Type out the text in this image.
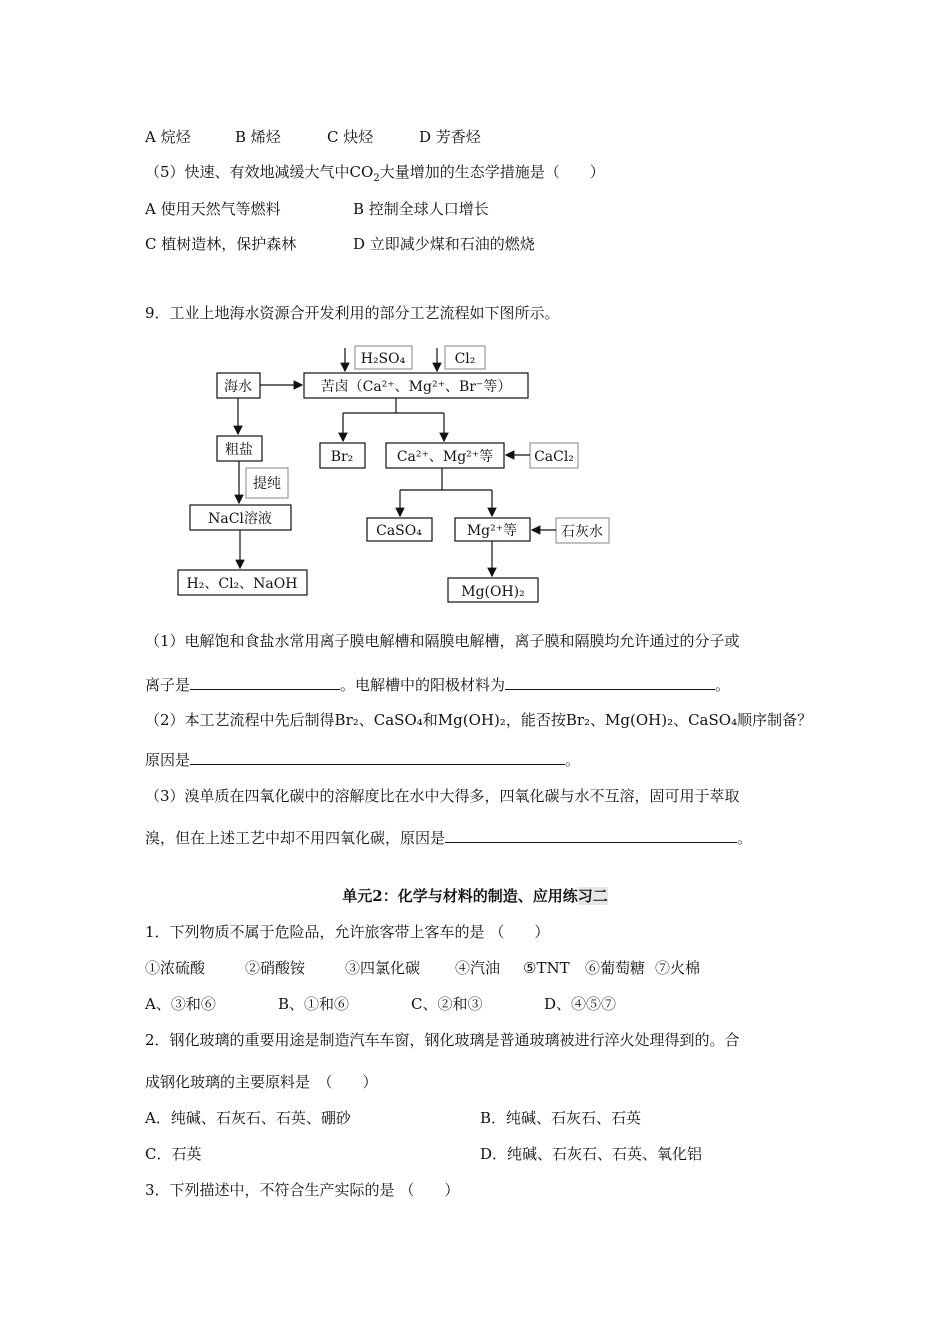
A 烷烃	B 烯烃	C 炔烃	D 芳香烃
（5）快速、有效地减缓大气中$CO_2$大量增加的生态学措施是（　　）
A 使用天然气等燃料	B 控制全球人口增长
C 植树造林，保护森林	D 立即减少煤和石油的燃烧
9．工业上地海水资源合开发利用的部分工艺流程如下图所示。
海水	苦卤（Ca²⁺、Mg²⁺、Br⁻等）
H₂SO₄	Cl₂
粗盐
提纯
Br₂	Ca²⁺、Mg²⁺等	CaCl₂
NaCl溶液
CaSO₄	Mg²⁺等	石灰水
H₂、Cl₂、NaOH	Mg(OH)₂
（1）电解饱和食盐水常用离子膜电解槽和隔膜电解槽，离子膜和隔膜均允许通过的分子或
离子是	。电解槽中的阳极材料为	。
（2）本工艺流程中先后制得Br₂、CaSO₄和Mg(OH)₂，能否按Br₂、Mg(OH)₂、CaSO₄顺序制备？
原因是	。
（3）溴单质在四氧化碳中的溶解度比在水中大得多，四氧化碳与水不互溶，固可用于萃取
溴，但在上述工艺中却不用四氧化碳，原因是	。
单元2：化学与材料的制造、应用练习二
1．下列物质不属于危险品，允许旅客带上客车的是 （　　）
①浓硫酸	②硝酸铵	③四氯化碳 ④汽油 ⑤TNT ⑥葡萄糖 ⑦火棉
A、③和⑥	B、①和⑥	C、②和③	D、④⑤⑦
2．钢化玻璃的重要用途是制造汽车车窗，钢化玻璃是普通玻璃被进行淬火处理得到的。合
成钢化玻璃的主要原料是　（　　）
A．纯碱、石灰石、石英、硼砂	B．纯碱、石灰石、石英
C．石英	D．纯碱、石灰石、石英、氧化铝
3．下列描述中，不符合生产实际的是 （　　）
